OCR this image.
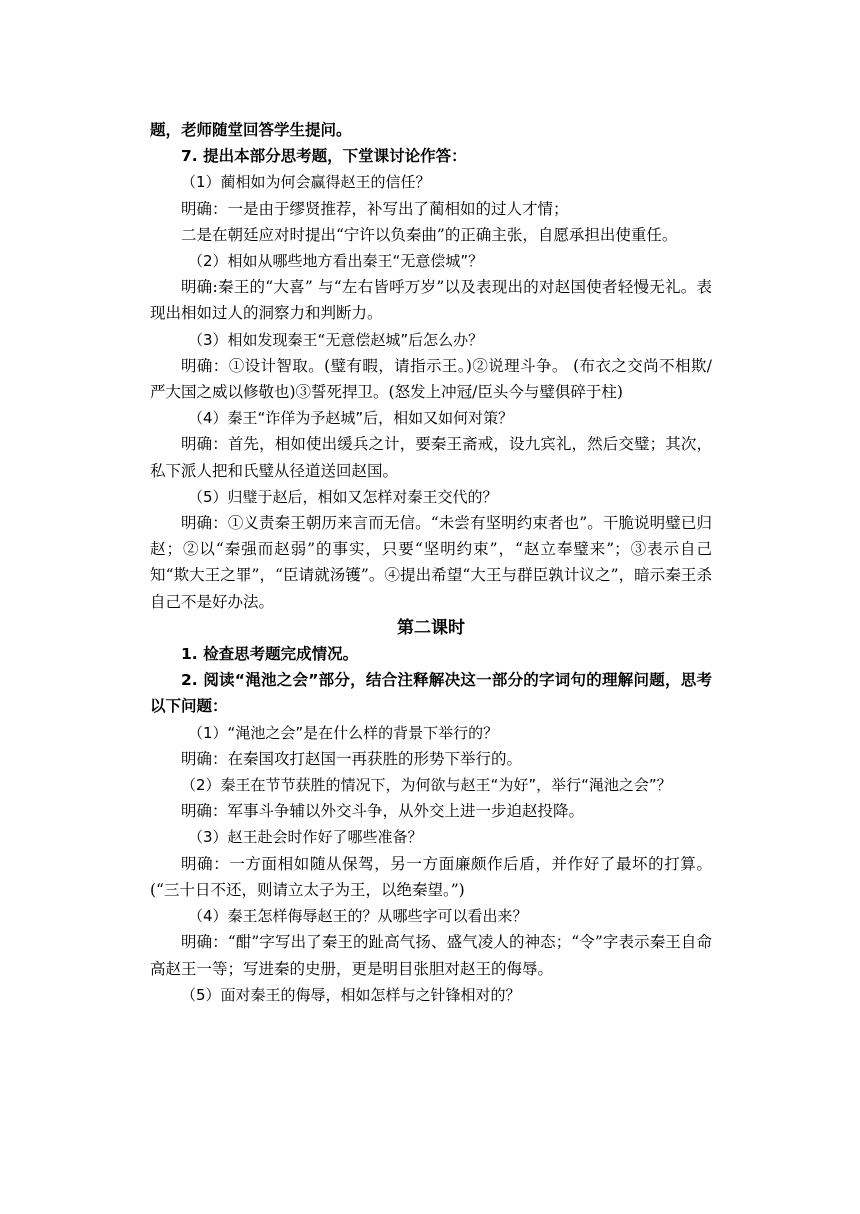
题，老师随堂回答学生提问。

7. 提出本部分思考题，下堂课讨论作答：

（1）蔺相如为何会赢得赵王的信任？

明确：一是由于缪贤推荐，补写出了蔺相如的过人才情；

二是在朝廷应对时提出“宁许以负秦曲”的正确主张，自愿承担出使重任。

（2）相如从哪些地方看出秦王“无意偿城”？

明确:秦王的“大喜” 与“左右皆呼万岁”以及表现出的对赵国使者轻慢无礼。表现出相如过人的洞察力和判断力。

（3）相如发现秦王“无意偿赵城”后怎么办？

明确：①设计智取。(璧有暇，请指示王。)②说理斗争。 (布衣之交尚不相欺/严大国之威以修敬也)③誓死捍卫。(怒发上冲冠/臣头今与璧俱碎于柱)

（4）秦王“诈佯为予赵城”后，相如又如何对策？

明确：首先，相如使出缓兵之计，要秦王斋戒，设九宾礼，然后交璧；其次，私下派人把和氏璧从径道送回赵国。

（5）归璧于赵后，相如又怎样对秦王交代的？

明确：①义责秦王朝历来言而无信。“未尝有坚明约束者也”。干脆说明璧已归赵；②以“秦强而赵弱”的事实，只要“坚明约束”，“赵立奉璧来”；③表示自己知“欺大王之罪”，“臣请就汤镬”。④提出希望“大王与群臣孰计议之”，暗示秦王杀自己不是好办法。

第二课时

1. 检查思考题完成情况。

2. 阅读“渑池之会”部分，结合注释解决这一部分的字词句的理解问题，思考以下问题：

（1）“渑池之会”是在什么样的背景下举行的？

明确：在秦国攻打赵国一再获胜的形势下举行的。

（2）秦王在节节获胜的情况下，为何欲与赵王“为好”，举行“渑池之会”？

明确：军事斗争辅以外交斗争，从外交上进一步迫赵投降。

（3）赵王赴会时作好了哪些准备？

明确：一方面相如随从保驾，另一方面廉颇作后盾，并作好了最坏的打算。(“三十日不还，则请立太子为王，以绝秦望。”)

（4）秦王怎样侮辱赵王的？从哪些字可以看出来？

明确：“酣”字写出了秦王的趾高气扬、盛气凌人的神态；“令”字表示秦王自命高赵王一等；写进秦的史册，更是明目张胆对赵王的侮辱。

（5）面对秦王的侮辱，相如怎样与之针锋相对的？
